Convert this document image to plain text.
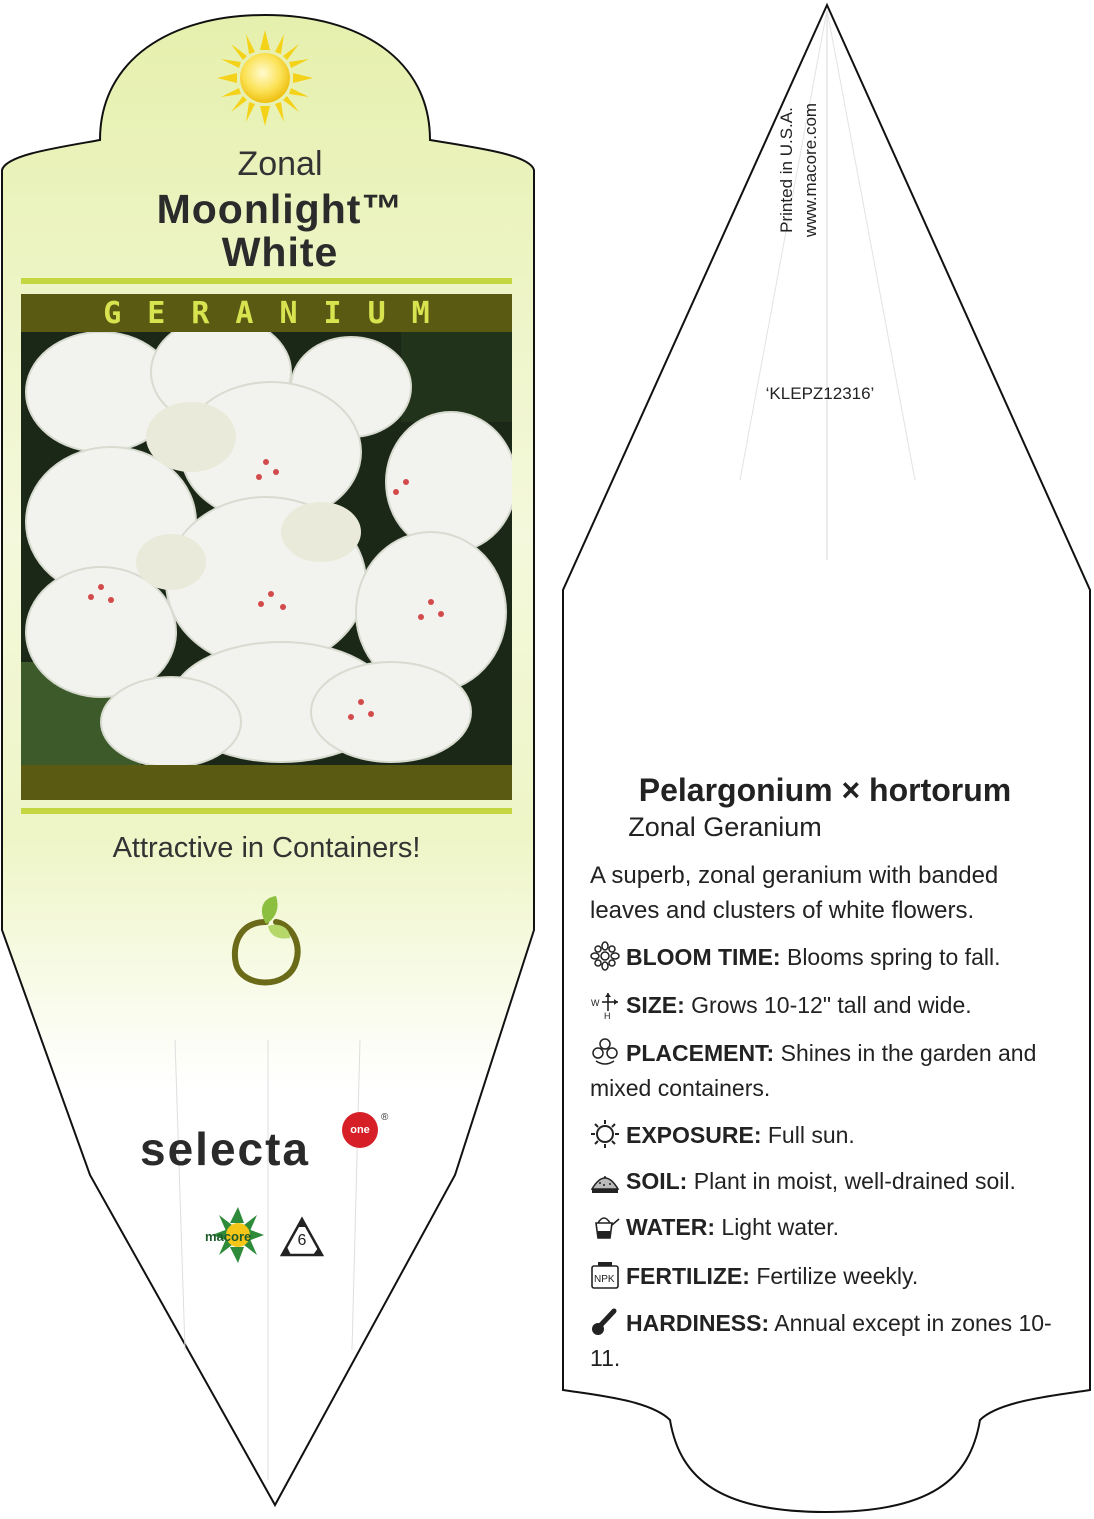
Zonal
Moonlight™
White
GERANIUM
Attractive in Containers!
selecta	one
®
macore	6
Printed in U.S.A. www.macore.com
‘KLEPZ12316’
Pelargonium × hortorum
Zonal Geranium
A superb, zonal geranium with banded leaves and clusters of white flowers.
BLOOM TIME: Blooms spring to fall.
W
H SIZE: Grows 10-12" tall and wide.
PLACEMENT: Shines in the garden and mixed containers.
EXPOSURE: Full sun.
SOIL: Plant in moist, well-drained soil.
WATER: Light water.
NPK FERTILIZE: Fertilize weekly.
HARDINESS: Annual except in zones 10-11.
